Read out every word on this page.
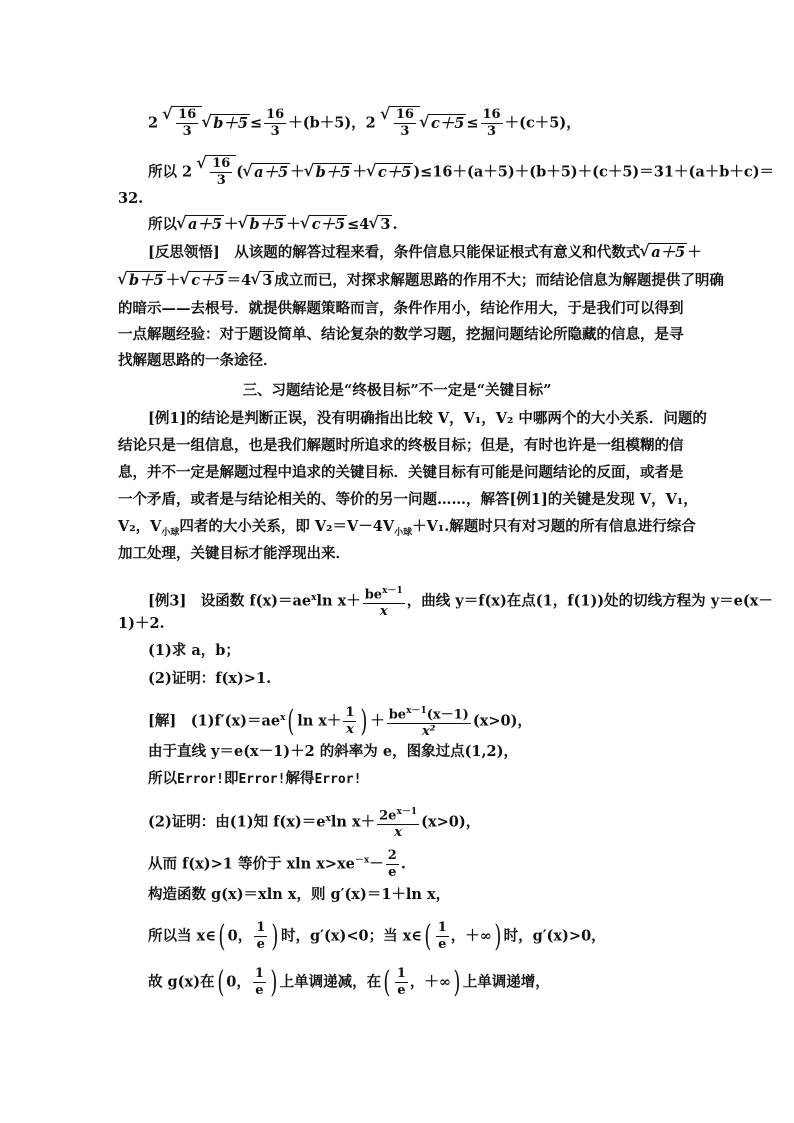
2 √ $\frac{16}{3}$ √ $b+5 \le \frac{16}{3} +(b+5)$，2 √ $\frac{16}{3}$ √ $c+5 \le \frac{16}{3} +(c+5)$，
所以 2 √ $\frac{16}{3}$ ( √ a＋5 ＋ √ b＋5 ＋ √ c＋5 )≤16＋(a＋5)＋(b＋5)＋(c＋5)＝31＋(a＋b＋c)＝
32.
所以 √ a＋5 ＋ √ b＋5 ＋ √ c＋5 ≤4 √ 3 .
[反思领悟]　从该题的解答过程来看，条件信息只能保证根式有意义和代数式 √ a＋5 ＋
√ b＋5 ＋ √ c＋5 ＝4 √ 3 成立而已，对探求解题思路的作用不大；而结论信息为解题提供了明确
的暗示——去根号．就提供解题策略而言，条件作用小，结论作用大，于是我们可以得到
一点解题经验：对于题设简单、结论复杂的数学习题，挖掘问题结论所隐藏的信息，是寻
找解题思路的一条途径．
三、习题结论是“终极目标”不一定是“关键目标”
[例1]的结论是判断正误，没有明确指出比较 V，V₁，V₂ 中哪两个的大小关系．问题的
结论只是一组信息，也是我们解题时所追求的终极目标；但是，有时也许是一组模糊的信
息，并不一定是解题过程中追求的关键目标．关键目标有可能是问题结论的反面，或者是
一个矛盾，或者是与结论相关的、等价的另一问题……，解答[例1]的关键是发现 V，V₁，
V₂，$V_{小球}$四者的大小关系，即 $V_2=V-4V_{小球}+V_1$.解题时只有对习题的所有信息进行综合
加工处理，关键目标才能浮现出来．
[例3]　设函数 $f(x)=ae^x\ln$ $x+ \frac{be^{x-1}}{x}$ ，曲线 y＝f(x)在点(1，f(1))处的切线方程为 y＝e(x－
1)＋2.
(1)求 a，b；
(2)证明：f(x)>1.
[解]　$(1)f'(x)=ae^x$( $\ln x+ \frac{1}{x}$ ) ＋ $\frac{be^{x-1}(x-1)}{\text{x²}} (x>0)$，
由于直线 y＝e(x－1)＋2 的斜率为 e，图象过点(1,2)，
所以Error!即Error!解得Error!
(2)证明：由(1)知 $f(x)=e^x\ln$ $x+ \frac{2e^{x-1}}{x} (x>0)$，
从而 f(x)>1 等价于 xln $x>xe^{-x}- \frac{2}{e}$ .
构造函数 g(x)＝xln x，则 g′(x)＝1＋ln x，
所以当 x∈( 0， $\frac{1}{e}$ ) 时，g′(x)<0；当 x∈( $\frac{1}{e}$ ，＋∞) 时，g′(x)>0，
故 g(x)在( 0， $\frac{1}{e}$ ) 上单调递减，在( $\frac{1}{e}$ ，＋∞) 上单调递增，
